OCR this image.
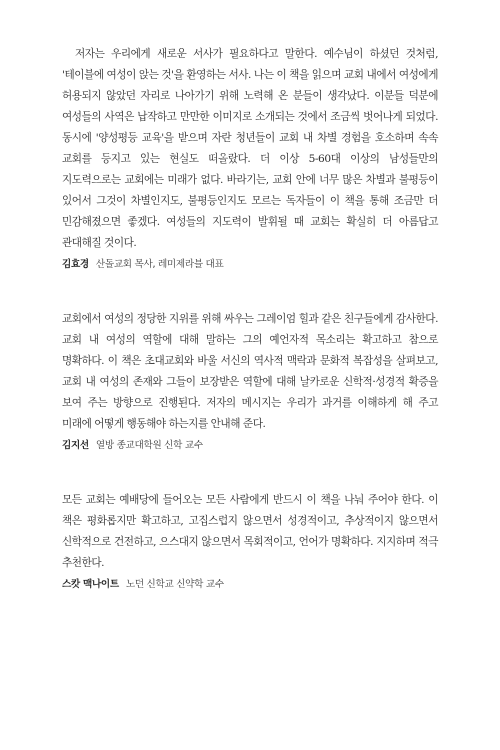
저자는 우리에게 새로운 서사가 필요하다고 말한다. 예수님이 하셨던 것처럼, '테이블에 여성이 앉는 것'을 환영하는 서사. 나는 이 책을 읽으며 교회 내에서 여성에게 허용되지 않았던 자리로 나아가기 위해 노력해 온 분들이 생각났다. 이분들 덕분에 여성들의 사역은 납작하고 만만한 이미지로 소개되는 것에서 조금씩 벗어나게 되었다. 동시에 '양성평등 교육'을 받으며 자란 청년들이 교회 내 차별 경험을 호소하며 속속 교회를 등지고 있는 현실도 떠올랐다. 더 이상 5-60대 이상의 남성들만의 지도력으로는 교회에는 미래가 없다. 바라기는, 교회 안에 너무 많은 차별과 불평등이 있어서 그것이 차별인지도, 불평등인지도 모르는 독자들이 이 책을 통해 조금만 더 민감해졌으면 좋겠다. 여성들의 지도력이 발휘될 때 교회는 확실히 더 아름답고 관대해질 것이다.

김효경 산돌교회 목사, 레미제라블 대표

교회에서 여성의 정당한 지위를 위해 싸우는 그레이엄 힐과 같은 친구들에게 감사한다. 교회 내 여성의 역할에 대해 말하는 그의 예언자적 목소리는 확고하고 참으로 명확하다. 이 책은 초대교회와 바울 서신의 역사적 맥락과 문화적 복잡성을 살펴보고, 교회 내 여성의 존재와 그들이 보장받은 역할에 대해 날카로운 신학적·성경적 확증을 보여 주는 방향으로 진행된다. 저자의 메시지는 우리가 과거를 이해하게 해 주고 미래에 어떻게 행동해야 하는지를 안내해 준다.

김지선 열방 종교대학원 신학 교수

모든 교회는 예배당에 들어오는 모든 사람에게 반드시 이 책을 나눠 주어야 한다. 이 책은 평화롭지만 확고하고, 고집스럽지 않으면서 성경적이고, 추상적이지 않으면서 신학적으로 건전하고, 으스대지 않으면서 목회적이고, 언어가 명확하다. 지지하며 적극 추천한다.

스캇 맥나이트 노던 신학교 신약학 교수
